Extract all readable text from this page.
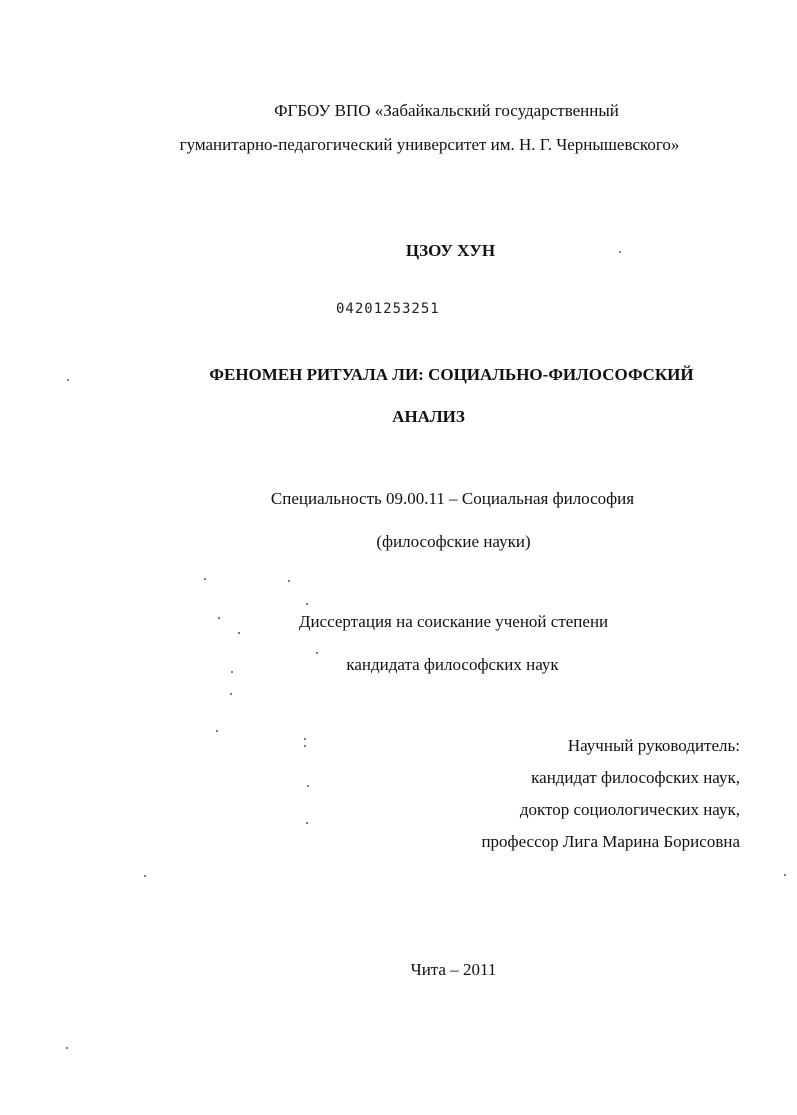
ФГБОУ ВПО «Забайкальский государственный
гуманитарно-педагогический университет им. Н. Г. Чернышевского»
ЦЗОУ ХУН
04201253251
ФЕНОМЕН РИТУАЛА ЛИ: СОЦИАЛЬНО-ФИЛОСОФСКИЙ
АНАЛИЗ
Специальность 09.00.11 – Социальная философия
(философские науки)
Диссертация на соискание ученой степени
кандидата философских наук
Научный руководитель:
кандидат философских наук,
доктор социологических наук,
профессор Лига Марина Борисовна
Чита – 2011
